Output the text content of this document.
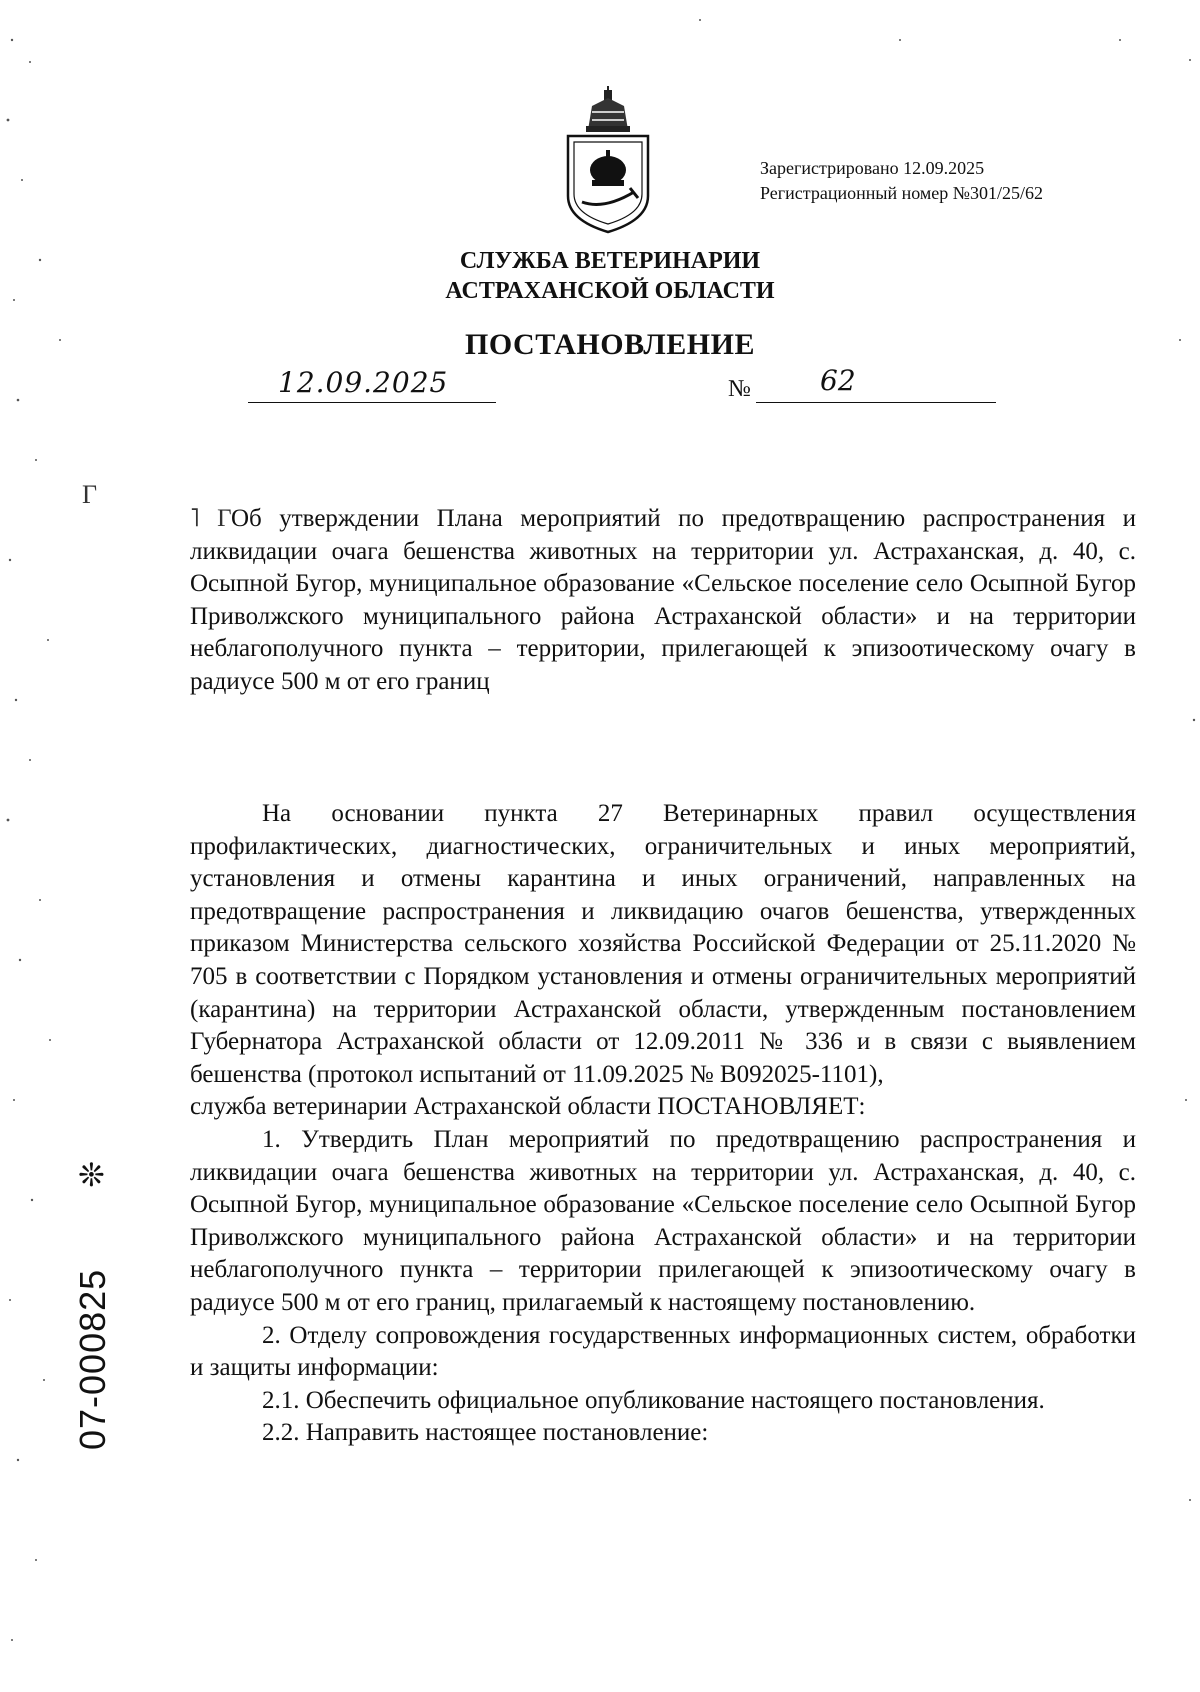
Зарегистрировано 12.09.2025
Регистрационный номер №301/25/62
СЛУЖБА ВЕТЕРИНАРИИ
АСТРАХАНСКОЙ ОБЛАСТИ
ПОСТАНОВЛЕНИЕ
12.09.2025	№ 62
Г

˥ ГОб утверждении Плана мероприятий по предотвращению распространения и ликвидации очага бешенства животных на территории ул. Астраханская, д. 40, с. Осыпной Бугор, муниципальное образование «Сельское поселение село Осыпной Бугор Приволжского муниципального района Астраханской области» и на территории неблагополучного пункта – территории, прилегающей к эпизоотическому очагу в радиусе 500 м от его границ

На основании пункта 27 Ветеринарных правил осуществления профилактических, диагностических, ограничительных и иных мероприятий, установления и отмены карантина и иных ограничений, направленных на предотвращение распространения и ликвидацию очагов бешенства, утвержденных приказом Министерства сельского хозяйства Российской Федерации от 25.11.2020 № 705 в соответствии с Порядком установления и отмены ограничительных мероприятий (карантина) на территории Астраханской области, утвержденным постановлением Губернатора Астраханской области от 12.09.2011 № 336 и в связи с выявлением бешенства (протокол испытаний от 11.09.2025 № В092025-1101),

служба ветеринарии Астраханской области ПОСТАНОВЛЯЕТ:

1. Утвердить План мероприятий по предотвращению распространения и ликвидации очага бешенства животных на территории ул. Астраханская, д. 40, с. Осыпной Бугор, муниципальное образование «Сельское поселение село Осыпной Бугор Приволжского муниципального района Астраханской области» и на территории неблагополучного пункта – территории прилегающей к эпизоотическому очагу в радиусе 500 м от его границ, прилагаемый к настоящему постановлению.

2. Отделу сопровождения государственных информационных систем, обработки и защиты информации:

2.1. Обеспечить официальное опубликование настоящего постановления.

2.2. Направить настоящее постановление:

❊
07-000825
